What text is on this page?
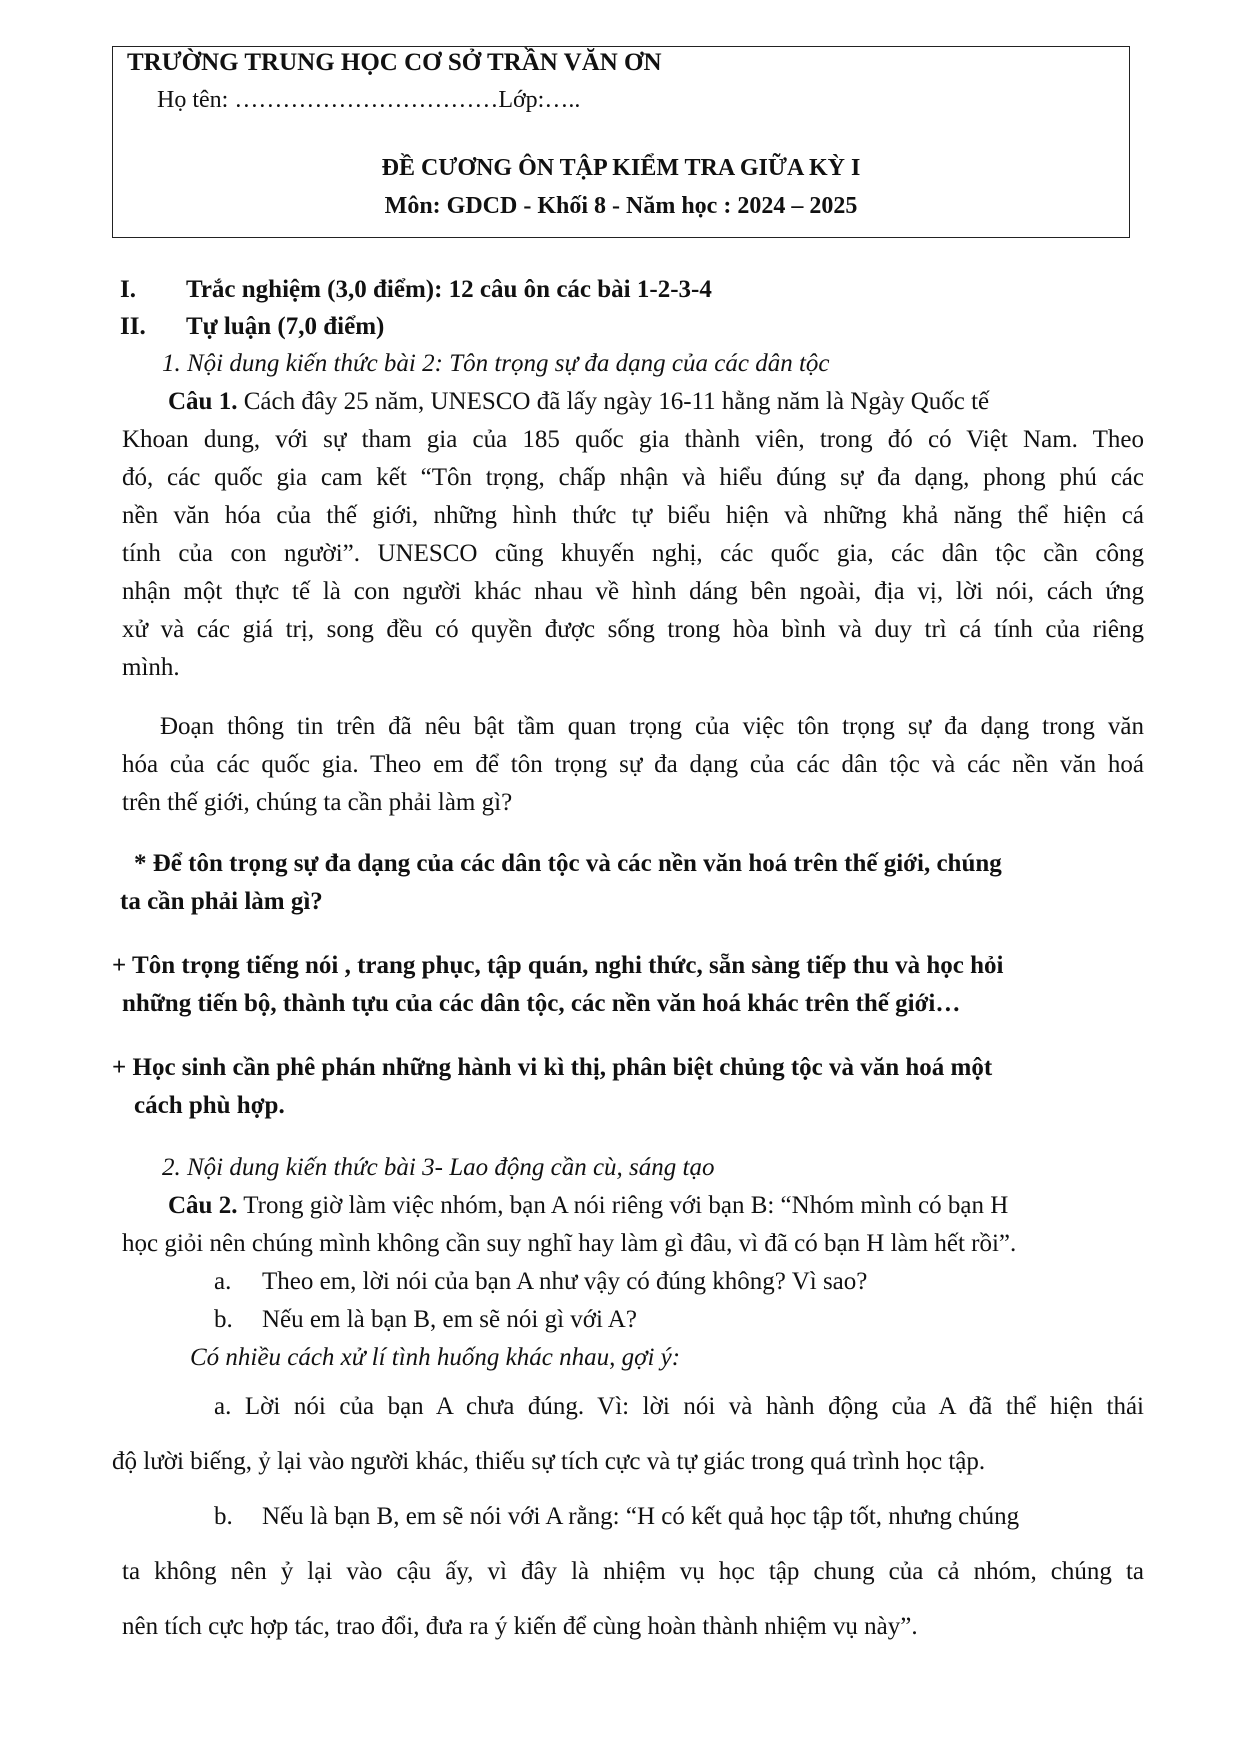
TRƯỜNG TRUNG HỌC CƠ SỞ TRẦN VĂN ƠN
Họ tên: ……………………………Lớp:…..
ĐỀ CƯƠNG ÔN TẬP KIỂM TRA GIỮA KỲ I
Môn: GDCD - Khối 8 - Năm học : 2024 – 2025
I. Trắc nghiệm (3,0 điểm): 12 câu ôn các bài 1-2-3-4
II. Tự luận (7,0 điểm)
1. Nội dung kiến thức bài 2: Tôn trọng sự đa dạng của các dân tộc
Câu 1. Cách đây 25 năm, UNESCO đã lấy ngày 16-11 hằng năm là Ngày Quốc tế
Khoan dung, với sự tham gia của 185 quốc gia thành viên, trong đó có Việt Nam. Theo
đó, các quốc gia cam kết “Tôn trọng, chấp nhận và hiểu đúng sự đa dạng, phong phú các
nền văn hóa của thế giới, những hình thức tự biểu hiện và những khả năng thể hiện cá
tính của con người”. UNESCO cũng khuyến nghị, các quốc gia, các dân tộc cần công
nhận một thực tế là con người khác nhau về hình dáng bên ngoài, địa vị, lời nói, cách ứng
xử và các giá trị, song đều có quyền được sống trong hòa bình và duy trì cá tính của riêng
mình.
Đoạn thông tin trên đã nêu bật tầm quan trọng của việc tôn trọng sự đa dạng trong văn
hóa của các quốc gia. Theo em để tôn trọng sự đa dạng của các dân tộc và các nền văn hoá
trên thế giới, chúng ta cần phải làm gì?
* Để tôn trọng sự đa dạng của các dân tộc và các nền văn hoá trên thế giới, chúng
ta cần phải làm gì?
+ Tôn trọng tiếng nói , trang phục, tập quán, nghi thức, sẵn sàng tiếp thu và học hỏi
những tiến bộ, thành tựu của các dân tộc, các nền văn hoá khác trên thế giới…
+ Học sinh cần phê phán những hành vi kì thị, phân biệt chủng tộc và văn hoá một
cách phù hợp.
2. Nội dung kiến thức bài 3- Lao động cần cù, sáng tạo
Câu 2. Trong giờ làm việc nhóm, bạn A nói riêng với bạn B: “Nhóm mình có bạn H
học giỏi nên chúng mình không cần suy nghĩ hay làm gì đâu, vì đã có bạn H làm hết rồi”.
a. Theo em, lời nói của bạn A như vậy có đúng không? Vì sao?
b. Nếu em là bạn B, em sẽ nói gì với A?
Có nhiều cách xử lí tình huống khác nhau, gợi ý:
a. Lời nói của bạn A chưa đúng. Vì: lời nói và hành động của A đã thể hiện thái
độ lười biếng, ỷ lại vào người khác, thiếu sự tích cực và tự giác trong quá trình học tập.
b. Nếu là bạn B, em sẽ nói với A rằng: “H có kết quả học tập tốt, nhưng chúng
ta không nên ỷ lại vào cậu ấy, vì đây là nhiệm vụ học tập chung của cả nhóm, chúng ta
nên tích cực hợp tác, trao đổi, đưa ra ý kiến để cùng hoàn thành nhiệm vụ này”.
